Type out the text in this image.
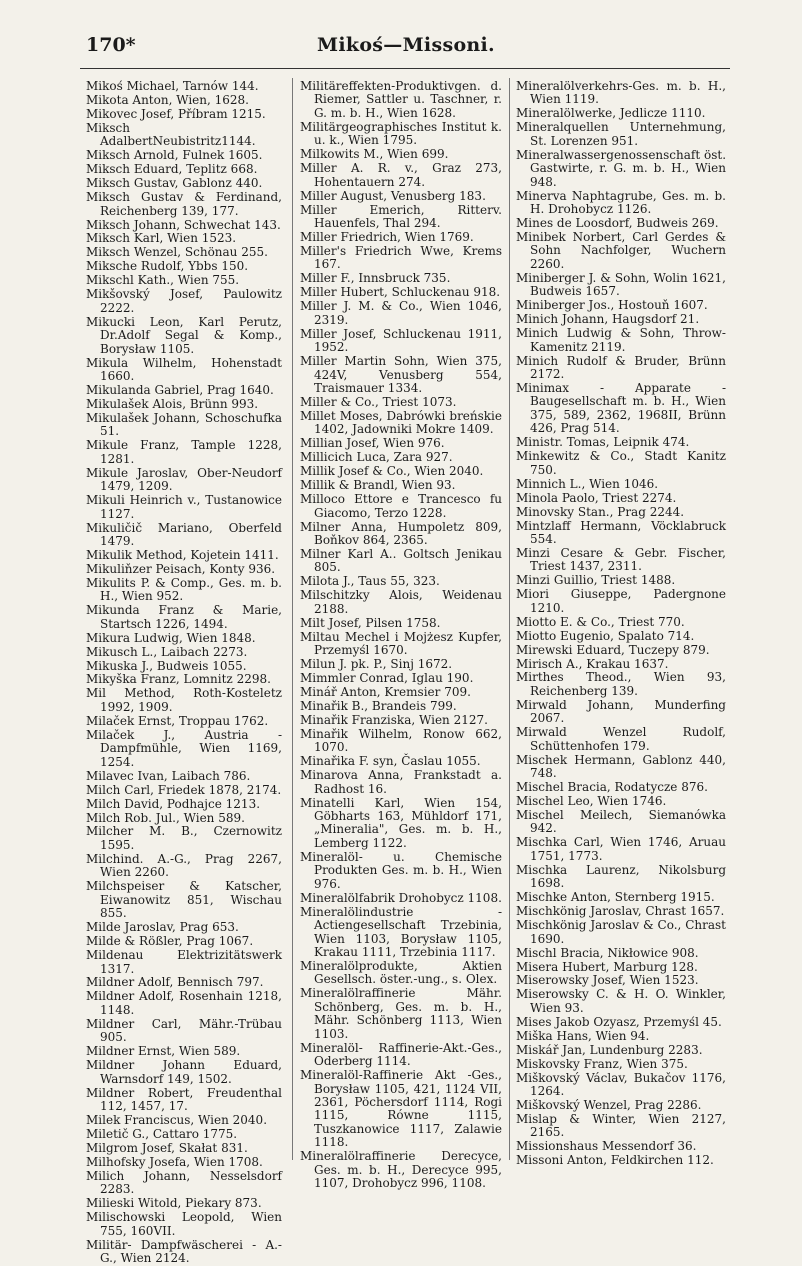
170*	Mikoś—Missoni.
Mikoś Michael, Tarnów 144.
Mikota Anton, Wien, 1628.
Mikovec Josef, Příbram 1215.
Miksch AdalbertNeubistritz1144.
Miksch Arnold, Fulnek 1605.
Miksch Eduard, Teplitz 668.
Miksch Gustav, Gablonz 440.
Miksch Gustav & Ferdinand, Reichenberg 139, 177.
Miksch Johann, Schwechat 143.
Miksch Karl, Wien 1523.
Miksch Wenzel, Schönau 255.
Miksche Rudolf, Ybbs 150.
Mikschl Kath., Wien 755.
Mikšovský Josef, Paulowitz 2222.
Mikucki Leon, Karl Perutz, Dr.Adolf Segal & Komp., Borysław 1105.
Mikula Wilhelm, Hohenstadt 1660.
Mikulanda Gabriel, Prag 1640.
Mikulašek Alois, Brünn 993.
Mikulašek Johann, Schoschufka 51.
Mikule Franz, Tample 1228, 1281.
Mikule Jaroslav, Ober-Neudorf 1479, 1209.
Mikuli Heinrich v., Tustanowice 1127.
Mikuličič Mariano, Oberfeld 1479.
Mikulik Method, Kojetein 1411.
Mikuliňzer Peisach, Konty 936.
Mikulits P. & Comp., Ges. m. b. H., Wien 952.
Mikunda Franz & Marie, Startsch 1226, 1494.
Mikura Ludwig, Wien 1848.
Mikusch L., Laibach 2273.
Mikuska J., Budweis 1055.
Mikyška Franz, Lomnitz 2298.
Mil Method, Roth-Kosteletz 1992, 1909.
Milaček Ernst, Troppau 1762.
Milaček J., Austria - Dampfmühle, Wien 1169, 1254.
Milavec Ivan, Laibach 786.
Milch Carl, Friedek 1878, 2174.
Milch David, Podhajce 1213.
Milch Rob. Jul., Wien 589.
Milcher M. B., Czernowitz 1595.
Milchind. A.-G., Prag 2267, Wien 2260.
Milchspeiser & Katscher, Eiwanowitz 851, Wischau 855.
Milde Jaroslav, Prag 653.
Milde & Rößler, Prag 1067.
Mildenau Elektrizitätswerk 1317.
Mildner Adolf, Bennisch 797.
Mildner Adolf, Rosenhain 1218, 1148.
Mildner Carl, Mähr.-Trübau 905.
Mildner Ernst, Wien 589.
Mildner Johann Eduard, Warnsdorf 149, 1502.
Mildner Robert, Freudenthal 112, 1457, 17.
Milek Franciscus, Wien 2040.
Miletič G., Cattaro 1775.
Milgrom Josef, Skałat 831.
Milhofsky Josefa, Wien 1708.
Milich Johann, Nesselsdorf 2283.
Milieski Witold, Piekary 873.
Milischowski Leopold, Wien 755, 160VII.
Militär- Dampfwäscherei - A.-G., Wien 2124.
Militäreffekten-Produktivgen. d. Riemer, Sattler u. Taschner, r. G. m. b. H., Wien 1628.
Militärgeographisches Institut k. u. k., Wien 1795.
Milkowits M., Wien 699.
Miller A. R. v., Graz 273, Hohentauern 274.
Miller August, Venusberg 183.
Miller Emerich, Ritterv. Hauenfels, Thal 294.
Miller Friedrich, Wien 1769.
Miller's Friedrich Wwe, Krems 167.
Miller F., Innsbruck 735.
Miller Hubert, Schluckenau 918.
Miller J. M. & Co., Wien 1046, 2319.
Miller Josef, Schluckenau 1911, 1952.
Miller Martin Sohn, Wien 375, 424V, Venusberg 554, Traismauer 1334.
Miller & Co., Triest 1073.
Millet Moses, Dabrówki breńskie 1402, Jadowniki Mokre 1409.
Millian Josef, Wien 976.
Millicich Luca, Zara 927.
Millik Josef & Co., Wien 2040.
Millik & Brandl, Wien 93.
Milloco Ettore e Trancesco fu Giacomo, Terzo 1228.
Milner Anna, Humpoletz 809, Boňkov 864, 2365.
Milner Karl A.. Goltsch Jenikau 805.
Milota J., Taus 55, 323.
Milschitzky Alois, Weidenau 2188.
Milt Josef, Pilsen 1758.
Miltau Mechel i Mojżesz Kupfer, Przemyśl 1670.
Milun J. pk. P., Sinj 1672.
Mimmler Conrad, Iglau 190.
Minář Anton, Kremsier 709.
Minařik B., Brandeis 799.
Minařik Franziska, Wien 2127.
Minařik Wilhelm, Ronow 662, 1070.
Minařika F. syn, Časlau 1055.
Minarova Anna, Frankstadt a. Radhost 16.
Minatelli Karl, Wien 154, Göbharts 163, Mühldorf 171, „Mineralia", Ges. m. b. H., Lemberg 1122.
Mineralöl- u. Chemische Produkten Ges. m. b. H., Wien 976.
Mineralölfabrik Drohobycz 1108.
Mineralölindustrie - Actiengesellschaft Trzebinia, Wien 1103, Borysław 1105, Krakau 1111, Trzebinia 1117.
Mineralölprodukte, Aktien Gesellsch. öster.-ung., s. Olex.
Mineralölraffinerie Mähr. Schönberg, Ges. m. b. H., Mähr. Schönberg 1113, Wien 1103.
Mineralöl- Raffinerie-Akt.-Ges., Oderberg 1114.
Mineralöl-Raffinerie Akt -Ges., Borysław 1105, 421, 1124 VII, 2361, Pöchersdorf 1114, Rogi 1115, Równe 1115, Tuszkanowice 1117, Zalawie 1118.
Mineralölraffinerie Derecyce, Ges. m. b. H., Derecyce 995, 1107, Drohobycz 996, 1108.
Mineralölverkehrs-Ges. m. b. H., Wien 1119.
Mineralölwerke, Jedlicze 1110.
Mineralquellen Unternehmung, St. Lorenzen 951.
Mineralwassergenossenschaft öst. Gastwirte, r. G. m. b. H., Wien 948.
Minerva Naphtagrube, Ges. m. b. H. Drohobycz 1126.
Mines de Loosdorf, Budweis 269.
Minibek Norbert, Carl Gerdes & Sohn Nachfolger, Wuchern 2260.
Miniberger J. & Sohn, Wolin 1621, Budweis 1657.
Miniberger Jos., Hostouň 1607.
Minich Johann, Haugsdorf 21.
Minich Ludwig & Sohn, Throw-Kamenitz 2119.
Minich Rudolf & Bruder, Brünn 2172.
Minimax - Apparate - Baugesellschaft m. b. H., Wien 375, 589, 2362, 1968II, Brünn 426, Prag 514.
Ministr. Tomas, Leipnik 474.
Minkewitz & Co., Stadt Kanitz 750.
Minnich L., Wien 1046.
Minola Paolo, Triest 2274.
Minovsky Stan., Prag 2244.
Mintzlaff Hermann, Vöcklabruck 554.
Minzi Cesare & Gebr. Fischer, Triest 1437, 2311.
Minzi Guillio, Triest 1488.
Miori Giuseppe, Padergnone 1210.
Miotto E. & Co., Triest 770.
Miotto Eugenio, Spalato 714.
Mirewski Eduard, Tuczepy 879.
Mirisch A., Krakau 1637.
Mirthes Theod., Wien 93, Reichenberg 139.
Mirwald Johann, Munderfing 2067.
Mirwald Wenzel Rudolf, Schüttenhofen 179.
Mischek Hermann, Gablonz 440, 748.
Mischel Bracia, Rodatycze 876.
Mischel Leo, Wien 1746.
Mischel Meilech, Siemanówka 942.
Mischka Carl, Wien 1746, Aruau 1751, 1773.
Mischka Laurenz, Nikolsburg 1698.
Mischke Anton, Sternberg 1915.
Mischkönig Jaroslav, Chrast 1657.
Mischkönig Jaroslav & Co., Chrast 1690.
Mischl Bracia, Nikłowice 908.
Misera Hubert, Marburg 128.
Miserowsky Josef, Wien 1523.
Miserowsky C. & H. O. Winkler, Wien 93.
Mises Jakob Ozyasz, Przemyśl 45.
Miška Hans, Wien 94.
Miskář Jan, Lundenburg 2283.
Miskovsky Franz, Wien 375.
Miškovský Václav, Bukačov 1176, 1264.
Miškovský Wenzel, Prag 2286.
Mislap & Winter, Wien 2127, 2165.
Missionshaus Messendorf 36.
Missoni Anton, Feldkirchen 112.
